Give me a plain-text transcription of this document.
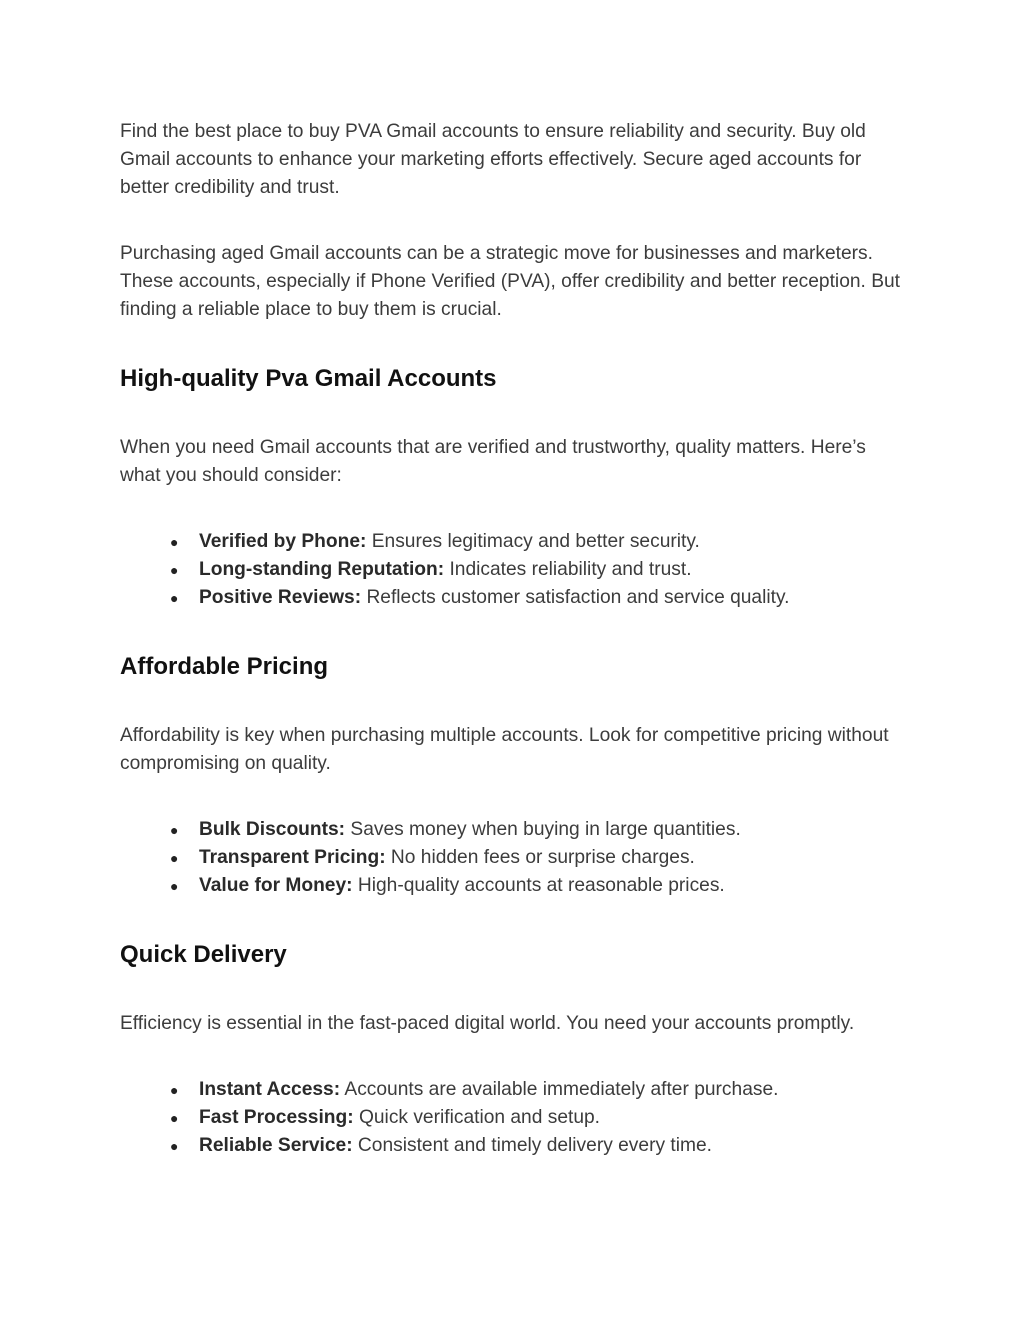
Find the best place to buy PVA Gmail accounts to ensure reliability and security. Buy old Gmail accounts to enhance your marketing efforts effectively. Secure aged accounts for better credibility and trust.

Purchasing aged Gmail accounts can be a strategic move for businesses and marketers. These accounts, especially if Phone Verified (PVA), offer credibility and better reception. But finding a reliable place to buy them is crucial.

High-quality Pva Gmail Accounts

When you need Gmail accounts that are verified and trustworthy, quality matters. Here’s what you should consider:

● Verified by Phone: Ensures legitimacy and better security.
● Long-standing Reputation: Indicates reliability and trust.
● Positive Reviews: Reflects customer satisfaction and service quality.
Affordable Pricing

Affordability is key when purchasing multiple accounts. Look for competitive pricing without compromising on quality.

● Bulk Discounts: Saves money when buying in large quantities.
● Transparent Pricing: No hidden fees or surprise charges.
● Value for Money: High-quality accounts at reasonable prices.
Quick Delivery

Efficiency is essential in the fast-paced digital world. You need your accounts promptly.

● Instant Access: Accounts are available immediately after purchase.
● Fast Processing: Quick verification and setup.
● Reliable Service: Consistent and timely delivery every time.
